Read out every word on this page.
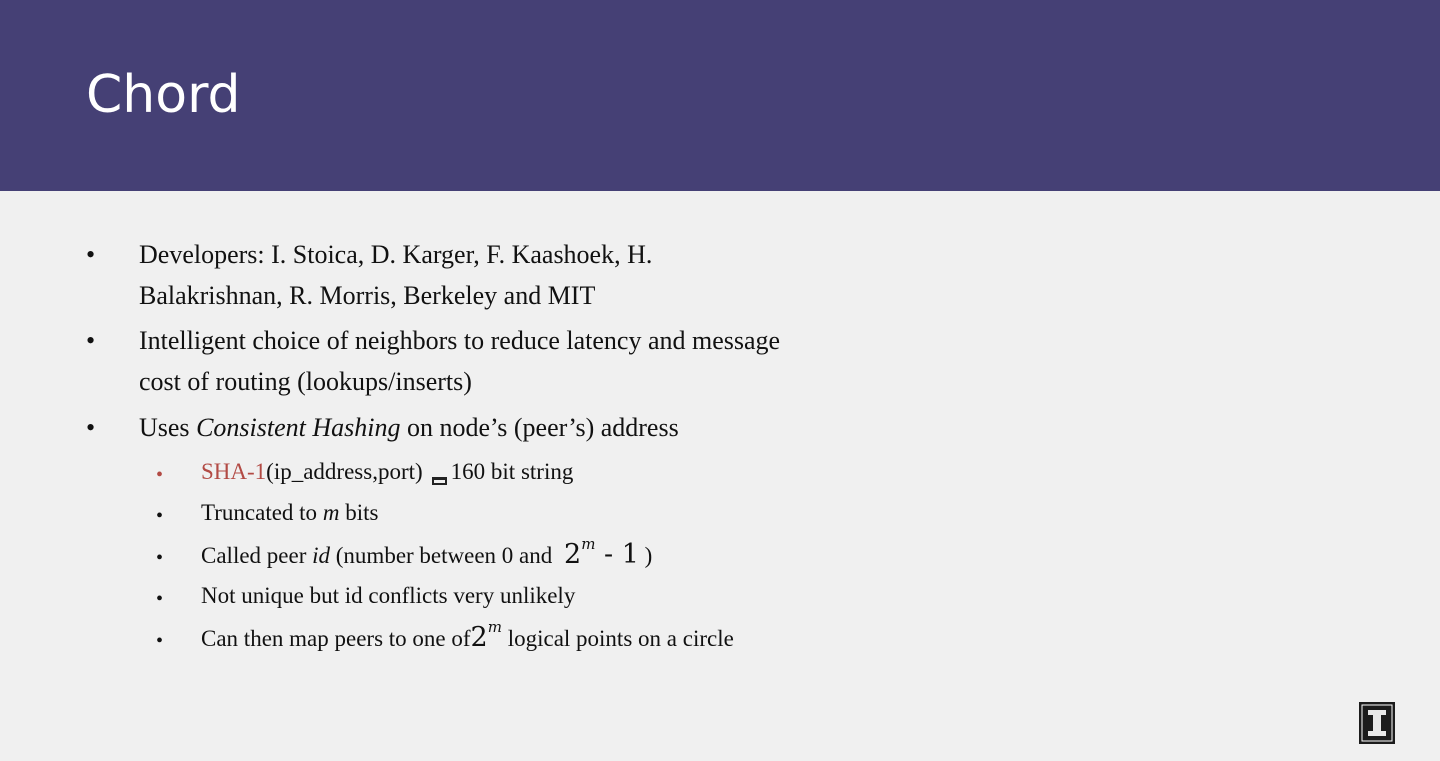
Chord
• Developers: I. Stoica, D. Karger, F. Kaashoek, H.
Balakrishnan, R. Morris, Berkeley and MIT
• Intelligent choice of neighbors to reduce latency and message
cost of routing (lookups/inserts)
• Uses Consistent Hashing on node’s (peer’s) address
• SHA-1(ip_address,port) 160 bit string
• Truncated to m bits
• Called peer id (number between 0 and 2$^m$ - 1 )
• Not unique but id conflicts very unlikely
• Can then map peers to one of2$^m$ logical points on a circle
